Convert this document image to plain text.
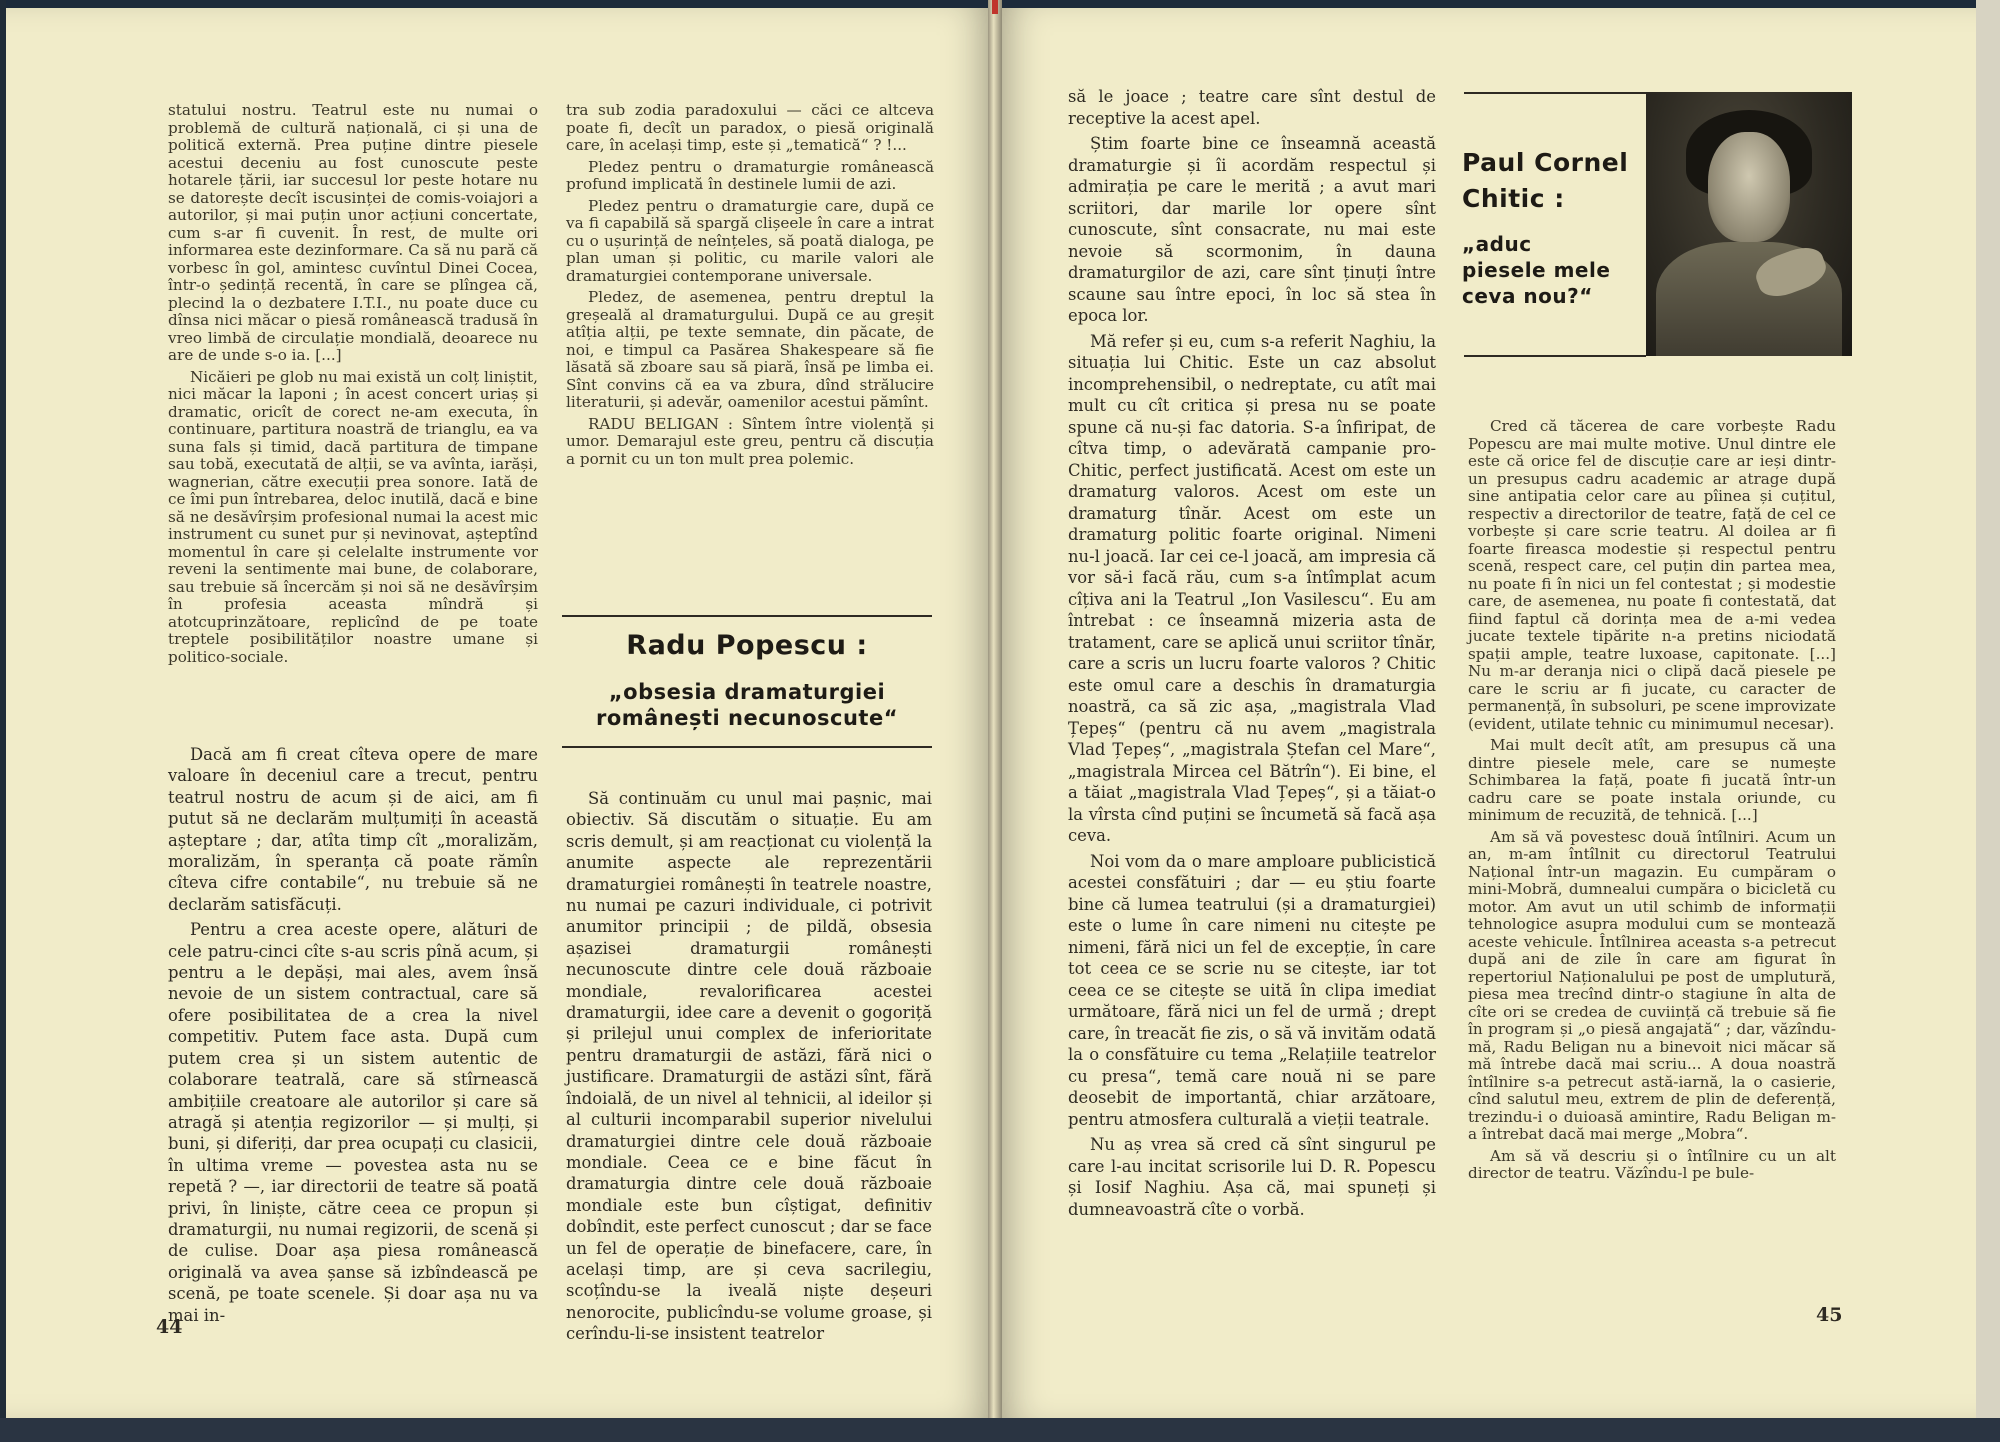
statului nostru. Teatrul este nu numai o problemă de cultură națională, ci și una de politică externă. Prea puține dintre piesele acestui deceniu au fost cunoscute peste hotarele țării, iar succesul lor peste hotare nu se datorește decît iscusinței de comis-voiajori a autorilor, și mai puțin unor acțiuni concertate, cum s-ar fi cuvenit. În rest, de multe ori informarea este dezinformare. Ca să nu pară că vorbesc în gol, amintesc cuvîntul Dinei Cocea, într-o ședință recentă, în care se plîngea că, plecind la o dezbatere I.T.I., nu poate duce cu dînsa nici măcar o piesă românească tradusă în vreo limbă de circulație mondială, deoarece nu are de unde s-o ia. [...]

Nicăieri pe glob nu mai există un colț liniștit, nici măcar la laponi ; în acest concert uriaș și dramatic, oricît de corect ne-am executa, în continuare, partitura noastră de trianglu, ea va suna fals și timid, dacă partitura de timpane sau tobă, executată de alții, se va avînta, iarăși, wagnerian, către execuții prea sonore. Iată de ce îmi pun întrebarea, deloc inutilă, dacă e bine să ne desăvîrșim profesional numai la acest mic instrument cu sunet pur și nevinovat, așteptînd momentul în care și celelalte instrumente vor reveni la sentimente mai bune, de colaborare, sau trebuie să încercăm și noi să ne desăvîrșim în profesia aceasta mîndră și atotcuprinzătoare, replicînd de pe toate treptele posibilităților noastre umane și politico-sociale.

Dacă am fi creat cîteva opere de mare valoare în deceniul care a trecut, pentru teatrul nostru de acum și de aici, am fi putut să ne declarăm mulțumiți în această așteptare ; dar, atîta timp cît „moralizăm, moralizăm, în speranța că poate rămîn cîteva cifre contabile“, nu trebuie să ne declarăm satisfăcuți.

Pentru a crea aceste opere, alături de cele patru-cinci cîte s-au scris pînă acum, și pentru a le depăși, mai ales, avem însă nevoie de un sistem contractual, care să ofere posibilitatea de a crea la nivel competitiv. Putem face asta. După cum putem crea și un sistem autentic de colaborare teatrală, care să stîrnească ambițiile creatoare ale autorilor și care să atragă și atenția regizorilor — și mulți, și buni, și diferiți, dar prea ocupați cu clasicii, în ultima vreme — povestea asta nu se repetă ? —, iar directorii de teatre să poată privi, în liniște, către ceea ce propun și dramaturgii, nu numai regizorii, de scenă și de culise. Doar așa piesa românească originală va avea șanse să izbîndească pe scenă, pe toate scenele. Și doar așa nu va mai in-

tra sub zodia paradoxului — căci ce altceva poate fi, decît un paradox, o piesă originală care, în același timp, este și „tematică“ ? !...

Pledez pentru o dramaturgie românească profund implicată în destinele lumii de azi.

Pledez pentru o dramaturgie care, după ce va fi capabilă să spargă clișeele în care a intrat cu o ușurință de neînțeles, să poată dialoga, pe plan uman și politic, cu marile valori ale dramaturgiei contemporane universale.

Pledez, de asemenea, pentru dreptul la greșeală al dramaturgului. După ce au greșit atîția alții, pe texte semnate, din păcate, de noi, e timpul ca Pasărea Shakespeare să fie lăsată să zboare sau să piară, însă pe limba ei. Sînt convins că ea va zbura, dînd strălucire literaturii, și adevăr, oamenilor acestui pămînt.

RADU BELIGAN : Sîntem între violență și umor. Demarajul este greu, pentru că discuția a pornit cu un ton mult prea polemic.

Radu Popescu :
„obsesia dramaturgiei
românești necunoscute“

Să continuăm cu unul mai pașnic, mai obiectiv. Să discutăm o situație. Eu am scris demult, și am reacționat cu violență la anumite aspecte ale reprezentării dramaturgiei românești în teatrele noastre, nu numai pe cazuri individuale, ci potrivit anumitor principii ; de pildă, obsesia așazisei dramaturgii românești necunoscute dintre cele două războaie mondiale, revalorificarea acestei dramaturgii, idee care a devenit o gogoriță și prilejul unui complex de inferioritate pentru dramaturgii de astăzi, fără nici o justificare. Dramaturgii de astăzi sînt, fără îndoială, de un nivel al tehnicii, al ideilor și al culturii incomparabil superior nivelului dramaturgiei dintre cele două războaie mondiale. Ceea ce e bine făcut în dramaturgia dintre cele două războaie mondiale este bun cîștigat, definitiv dobîndit, este perfect cunoscut ; dar se face un fel de operație de binefacere, care, în același timp, are și ceva sacrilegiu, scoțîndu-se la iveală niște deșeuri nenorocite, publicîndu-se volume groase, și cerîndu-li-se insistent teatrelor

44

să le joace ; teatre care sînt destul de receptive la acest apel.

Știm foarte bine ce înseamnă această dramaturgie și îi acordăm respectul și admirația pe care le merită ; a avut mari scriitori, dar marile lor opere sînt cunoscute, sînt consacrate, nu mai este nevoie să scormonim, în dauna dramaturgilor de azi, care sînt ținuți între scaune sau între epoci, în loc să stea în epoca lor.

Mă refer și eu, cum s-a referit Naghiu, la situația lui Chitic. Este un caz absolut incomprehensibil, o nedreptate, cu atît mai mult cu cît critica și presa nu se poate spune că nu-și fac datoria. S-a înfiripat, de cîtva timp, o adevărată campanie pro-Chitic, perfect justificată. Acest om este un dramaturg valoros. Acest om este un dramaturg tînăr. Acest om este un dramaturg politic foarte original. Nimeni nu-l joacă. Iar cei ce-l joacă, am impresia că vor să-i facă rău, cum s-a întîmplat acum cîțiva ani la Teatrul „Ion Vasilescu“. Eu am întrebat : ce înseamnă mizeria asta de tratament, care se aplică unui scriitor tînăr, care a scris un lucru foarte valoros ? Chitic este omul care a deschis în dramaturgia noastră, ca să zic așa, „magistrala Vlad Țepeș“ (pentru că nu avem „magistrala Vlad Țepeș“, „magistrala Ștefan cel Mare“, „magistrala Mircea cel Bătrîn“). Ei bine, el a tăiat „magistrala Vlad Țepeș“, și a tăiat-o la vîrsta cînd puțini se încumetă să facă așa ceva.

Noi vom da o mare amploare publicistică acestei consfătuiri ; dar — eu știu foarte bine că lumea teatrului (și a dramaturgiei) este o lume în care nimeni nu citește pe nimeni, fără nici un fel de excepție, în care tot ceea ce se scrie nu se citește, iar tot ceea ce se citește se uită în clipa imediat următoare, fără nici un fel de urmă ; drept care, în treacăt fie zis, o să vă invităm odată la o consfătuire cu tema „Relațiile teatrelor cu presa“, temă care nouă ni se pare deosebit de importantă, chiar arzătoare, pentru atmosfera culturală a vieții teatrale.

Nu aș vrea să cred că sînt singurul pe care l-au incitat scrisorile lui D. R. Popescu și Iosif Naghiu. Așa că, mai spuneți și dumneavoastră cîte o vorbă.

Paul Cornel
Chitic :
„aduc
piesele mele
ceva nou?“

Cred că tăcerea de care vorbește Radu Popescu are mai multe motive. Unul dintre ele este că orice fel de discuție care ar ieși dintr-un presupus cadru academic ar atrage după sine antipatia celor care au pîinea și cuțitul, respectiv a directorilor de teatre, față de cel ce vorbește și care scrie teatru. Al doilea ar fi foarte fireasca modestie și respectul pentru scenă, respect care, cel puțin din partea mea, nu poate fi în nici un fel contestat ; și modestie care, de asemenea, nu poate fi contestată, dat fiind faptul că dorința mea de a-mi vedea jucate textele tipărite n-a pretins niciodată spații ample, teatre luxoase, capitonate. [...] Nu m-ar deranja nici o clipă dacă piesele pe care le scriu ar fi jucate, cu caracter de permanență, în subsoluri, pe scene improvizate (evident, utilate tehnic cu minimumul necesar).

Mai mult decît atît, am presupus că una dintre piesele mele, care se numește Schimbarea la față, poate fi jucată într-un cadru care se poate instala oriunde, cu minimum de recuzită, de tehnică. [...]

Am să vă povestesc două întîlniri. Acum un an, m-am întîlnit cu directorul Teatrului Național într-un magazin. Eu cumpăram o mini-Mobră, dumnealui cumpăra o bicicletă cu motor. Am avut un util schimb de informații tehnologice asupra modului cum se montează aceste vehicule. Întîlnirea aceasta s-a petrecut după ani de zile în care am figurat în repertoriul Naționalului pe post de umplutură, piesa mea trecînd dintr-o stagiune în alta de cîte ori se credea de cuviință că trebuie să fie în program și „o piesă angajată“ ; dar, văzîndu-mă, Radu Beligan nu a binevoit nici măcar să mă întrebe dacă mai scriu... A doua noastră întîlnire s-a petrecut astă-iarnă, la o casierie, cînd salutul meu, extrem de plin de deferență, trezindu-i o duioasă amintire, Radu Beligan m-a întrebat dacă mai merge „Mobra“.

Am să vă descriu și o întîlnire cu un alt director de teatru. Văzîndu-l pe bule-

45
